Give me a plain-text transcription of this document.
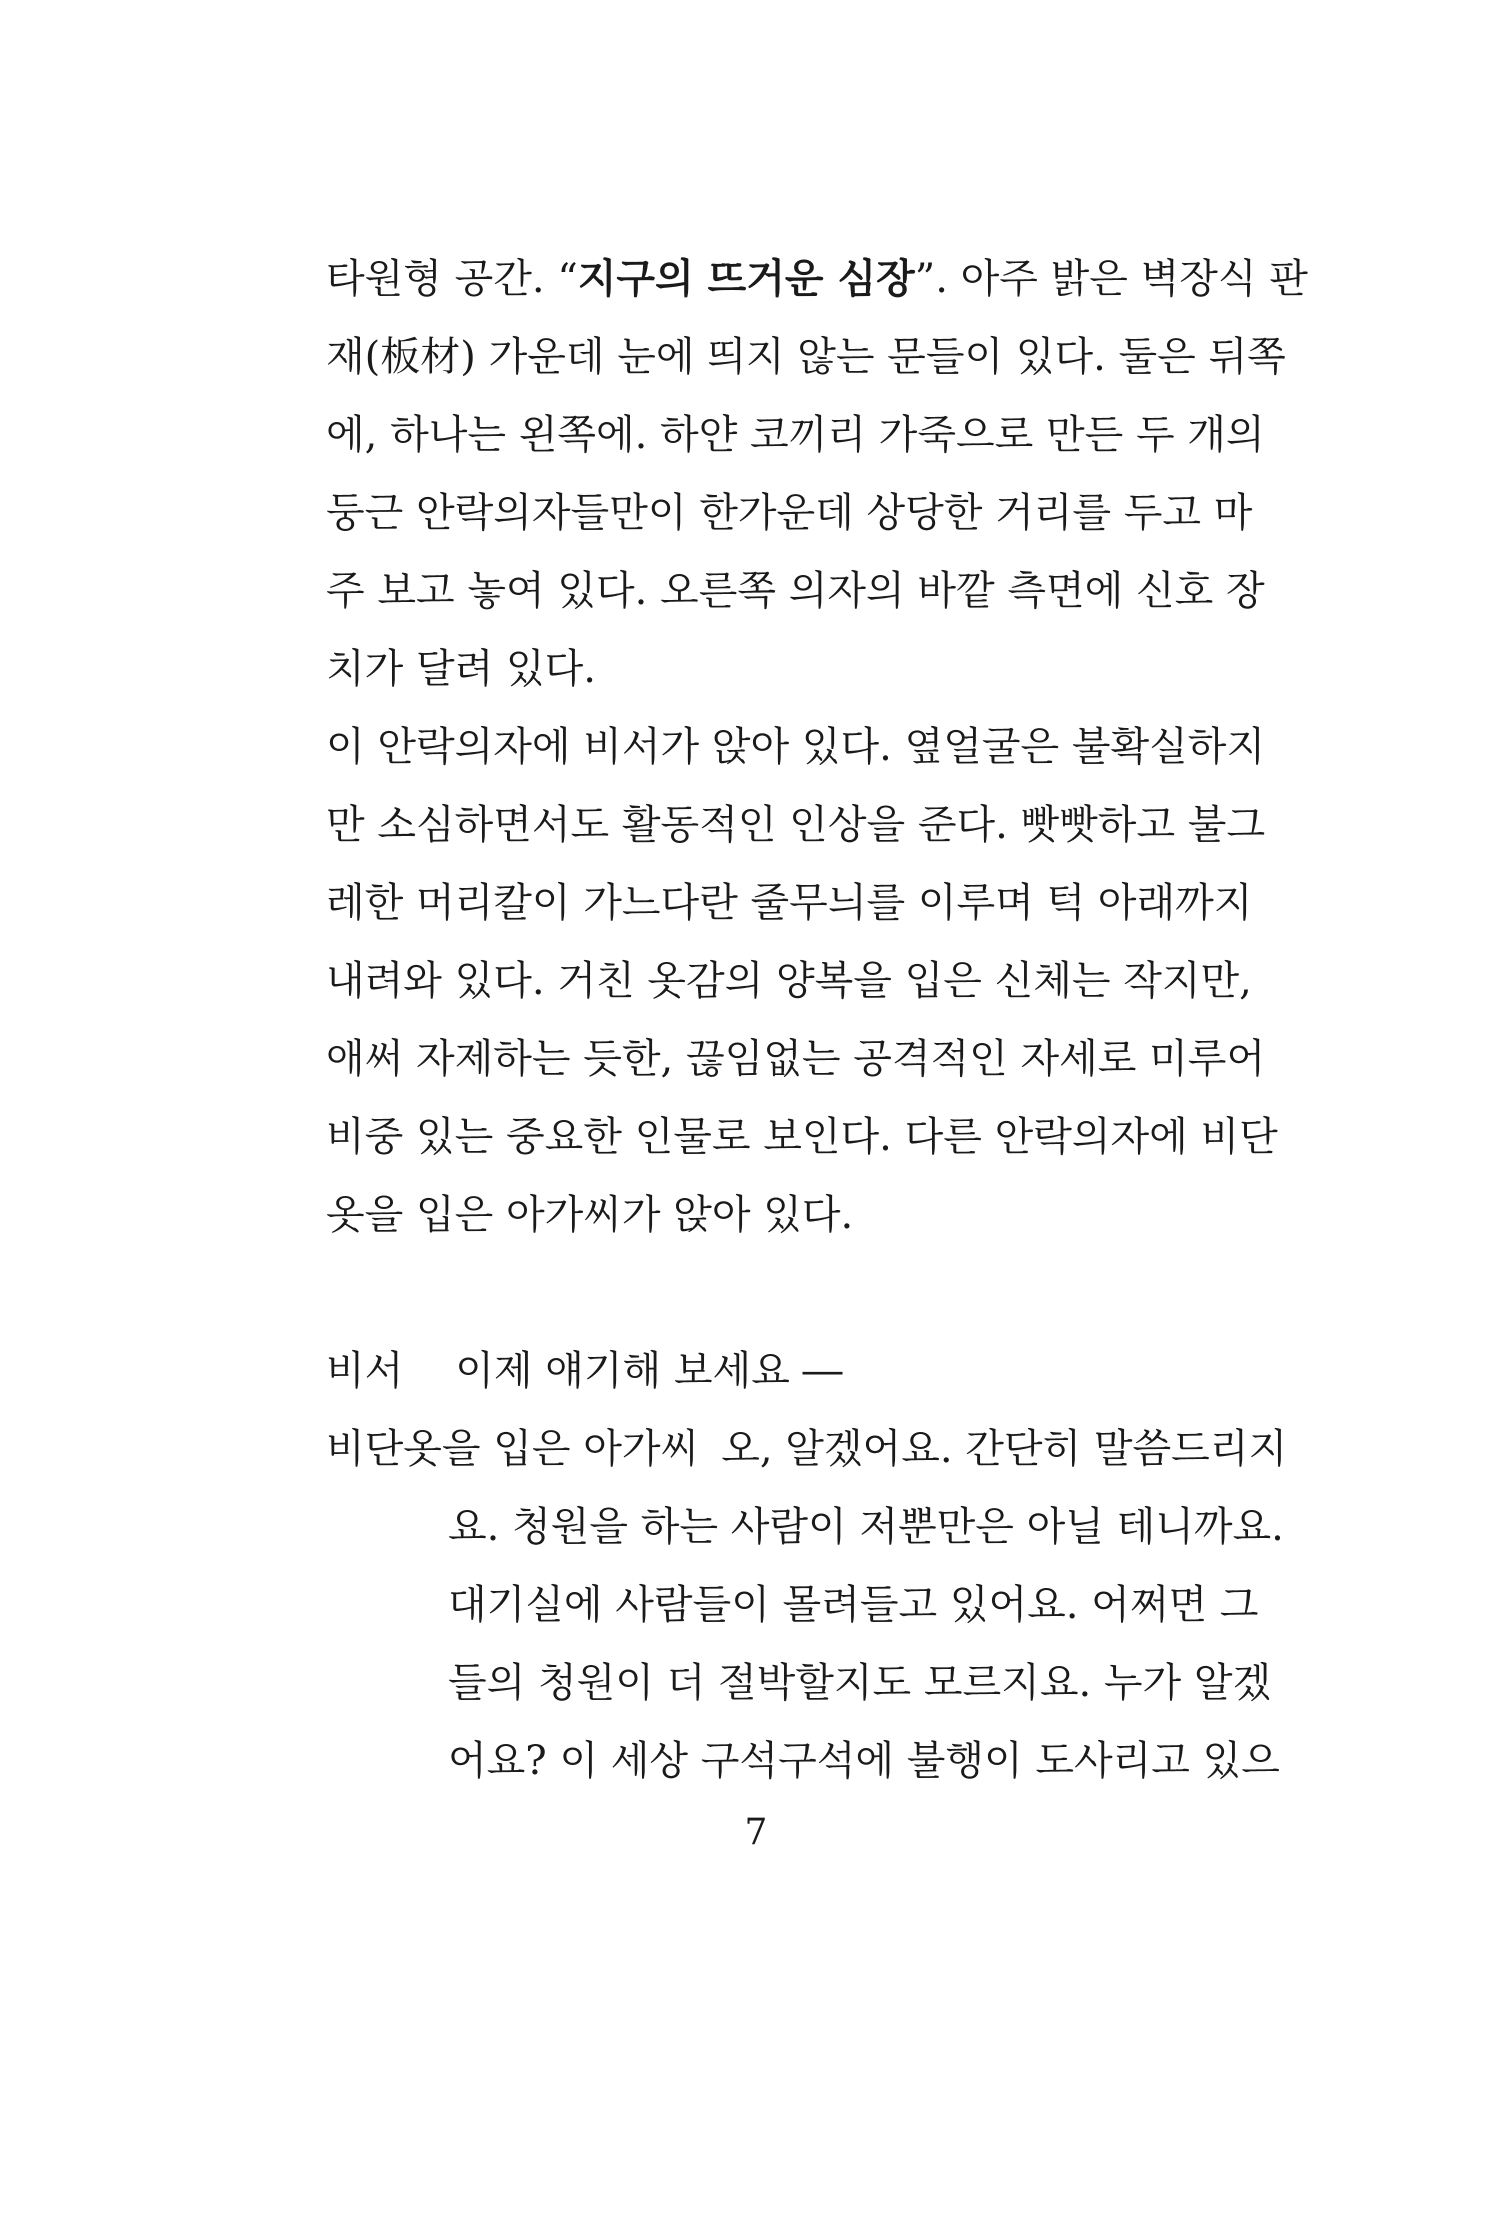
타원형 공간. “지구의 뜨거운 심장”. 아주 밝은 벽장식 판
재(板材) 가운데 눈에 띄지 않는 문들이 있다. 둘은 뒤쪽
에, 하나는 왼쪽에. 하얀 코끼리 가죽으로 만든 두 개의
둥근 안락의자들만이 한가운데 상당한 거리를 두고 마
주 보고 놓여 있다. 오른쪽 의자의 바깥 측면에 신호 장
치가 달려 있다.
이 안락의자에 비서가 앉아 있다. 옆얼굴은 불확실하지
만 소심하면서도 활동적인 인상을 준다. 빳빳하고 불그
레한 머리칼이 가느다란 줄무늬를 이루며 턱 아래까지
내려와 있다. 거친 옷감의 양복을 입은 신체는 작지만,
애써 자제하는 듯한, 끊임없는 공격적인 자세로 미루어
비중 있는 중요한 인물로 보인다. 다른 안락의자에 비단
옷을 입은 아가씨가 앉아 있다.
비서 이제 얘기해 보세요 ―
비단옷을 입은 아가씨 오, 알겠어요. 간단히 말씀드리지
요. 청원을 하는 사람이 저뿐만은 아닐 테니까요.
대기실에 사람들이 몰려들고 있어요. 어쩌면 그
들의 청원이 더 절박할지도 모르지요. 누가 알겠
어요? 이 세상 구석구석에 불행이 도사리고 있으
7
